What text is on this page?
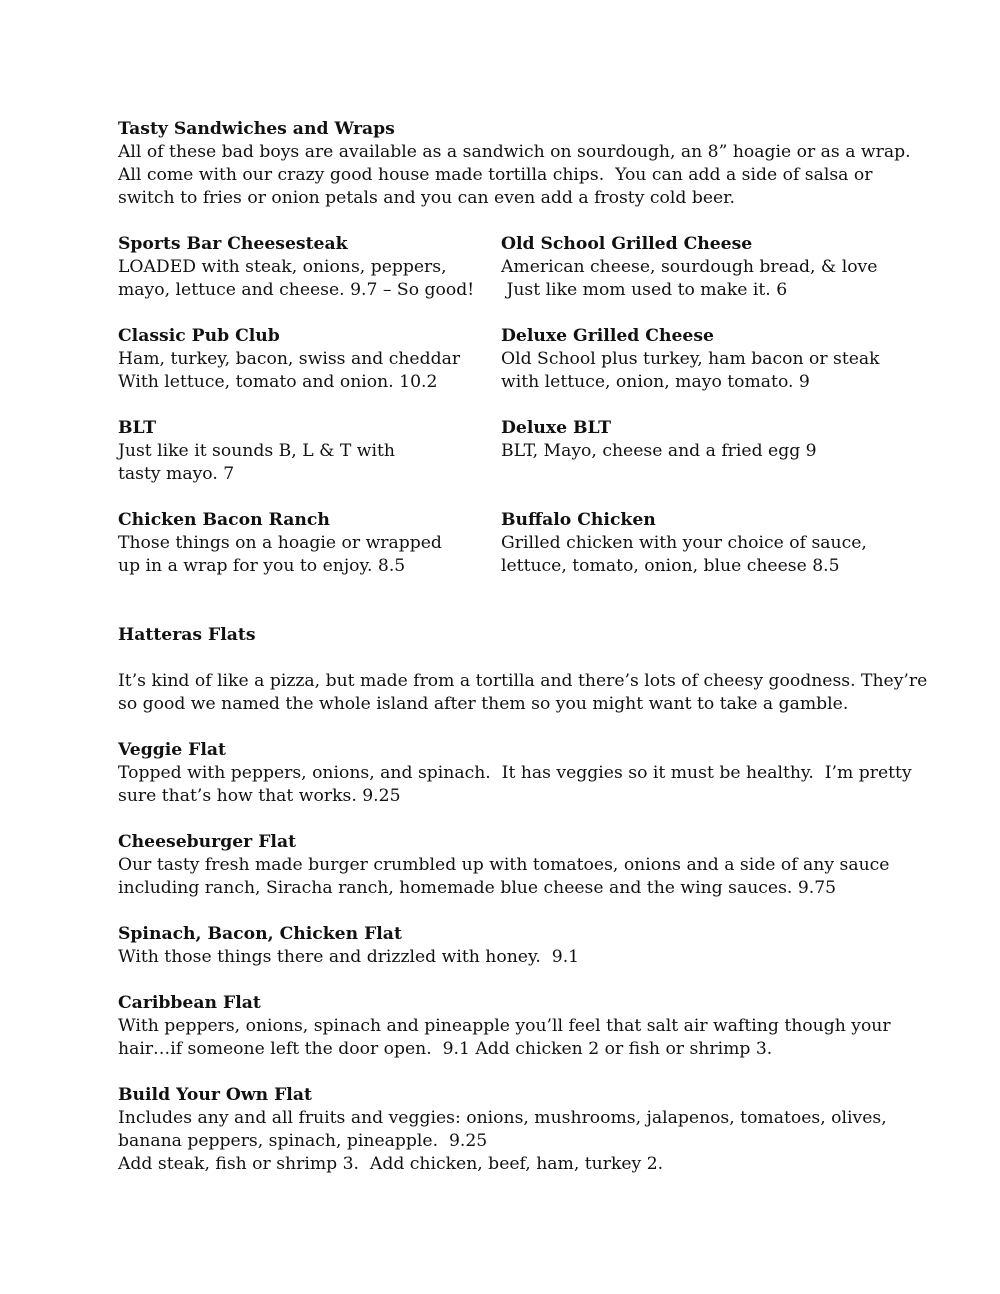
Tasty Sandwiches and Wraps

All of these bad boys are available as a sandwich on sourdough, an 8” hoagie or as a wrap.
All come with our crazy good house made tortilla chips.  You can add a side of salsa or
switch to fries or onion petals and you can even add a frosty cold beer.

Sports Bar Cheesesteak

LOADED with steak, onions, peppers,
mayo, lettuce and cheese. 9.7 – So good!

Old School Grilled Cheese

American cheese, sourdough bread, & love
Just like mom used to make it. 6

Classic Pub Club

Ham, turkey, bacon, swiss and cheddar
With lettuce, tomato and onion. 10.2

Deluxe Grilled Cheese

Old School plus turkey, ham bacon or steak
with lettuce, onion, mayo tomato. 9

BLT

Just like it sounds B, L & T with
tasty mayo. 7

Deluxe BLT

BLT, Mayo, cheese and a fried egg 9

Chicken Bacon Ranch

Those things on a hoagie or wrapped
up in a wrap for you to enjoy. 8.5

Buffalo Chicken

Grilled chicken with your choice of sauce,
lettuce, tomato, onion, blue cheese 8.5

Hatteras Flats

It’s kind of like a pizza, but made from a tortilla and there’s lots of cheesy goodness. They’re
so good we named the whole island after them so you might want to take a gamble.

Veggie Flat

Topped with peppers, onions, and spinach.  It has veggies so it must be healthy.  I’m pretty
sure that’s how that works. 9.25

Cheeseburger Flat

Our tasty fresh made burger crumbled up with tomatoes, onions and a side of any sauce
including ranch, Siracha ranch, homemade blue cheese and the wing sauces. 9.75

Spinach, Bacon, Chicken Flat

With those things there and drizzled with honey.  9.1

Caribbean Flat

With peppers, onions, spinach and pineapple you’ll feel that salt air wafting though your
hair…if someone left the door open.  9.1 Add chicken 2 or fish or shrimp 3.

Build Your Own Flat

Includes any and all fruits and veggies: onions, mushrooms, jalapenos, tomatoes, olives,
banana peppers, spinach, pineapple.  9.25
Add steak, fish or shrimp 3.  Add chicken, beef, ham, turkey 2.
